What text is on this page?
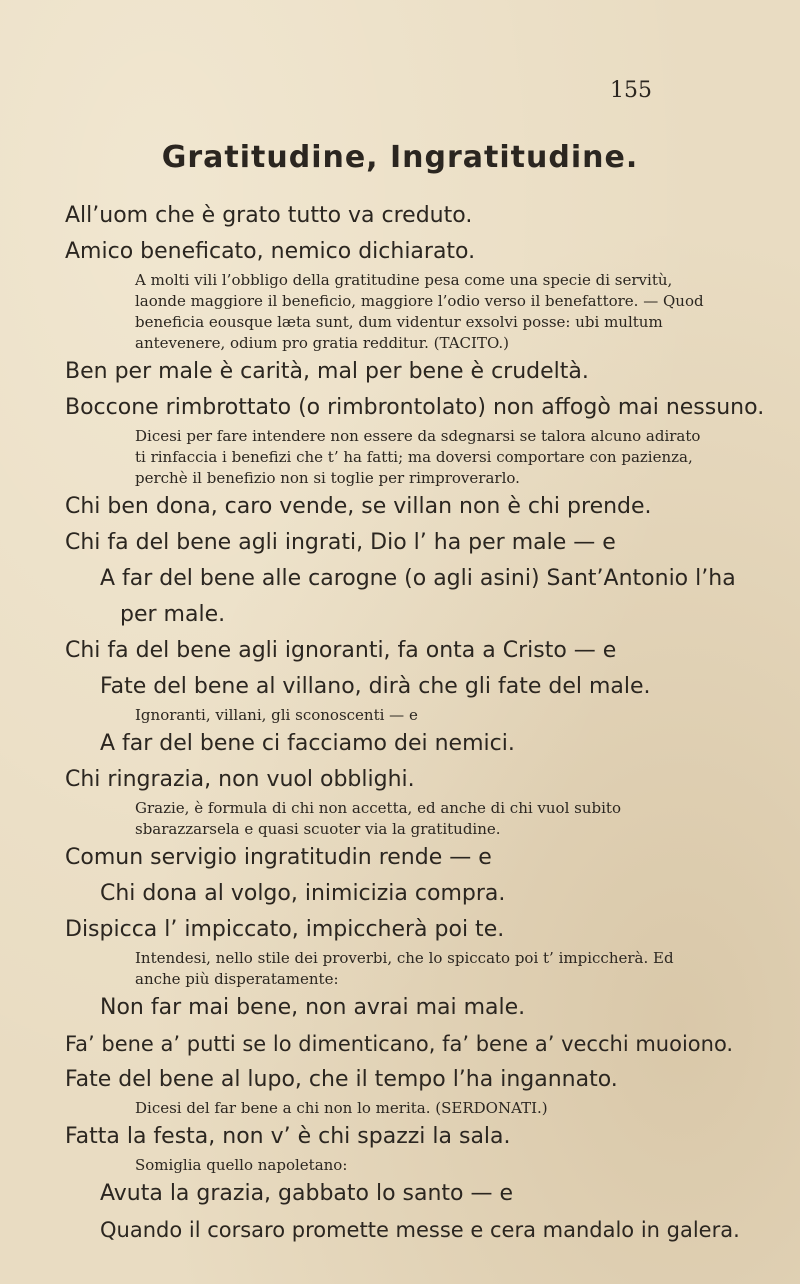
155
Gratitudine, Ingratitudine.

All’uom che è grato tutto va creduto.

Amico beneficato, nemico dichiarato.

A molti vili l’obbligo della gratitudine pesa come una specie di servitù, laonde maggiore il beneficio, maggiore l’odio verso il benefattore. — Quod beneficia eousque læta sunt, dum videntur exsolvi posse: ubi multum antevenere, odium pro gratia redditur. (TACITO.)

Ben per male è carità, mal per bene è crudeltà.

Boccone rimbrottato (o rimbrontolato) non affogò mai nessuno.

Dicesi per fare intendere non essere da sdegnarsi se talora alcuno adirato ti rinfaccia i benefizi che t’ ha fatti; ma doversi comportare con pazienza, perchè il benefizio non si toglie per rimproverarlo.

Chi ben dona, caro vende, se villan non è chi prende.

Chi fa del bene agli ingrati, Dio l’ ha per male — e

A far del bene alle carogne (o agli asini) Sant’Antonio l’ha

per male.

Chi fa del bene agli ignoranti, fa onta a Cristo — e

Fate del bene al villano, dirà che gli fate del male.

Ignoranti, villani, gli sconoscenti — e

A far del bene ci facciamo dei nemici.

Chi ringrazia, non vuol obblighi.

Grazie, è formula di chi non accetta, ed anche di chi vuol subito sbarazzarsela e quasi scuoter via la gratitudine.

Comun servigio ingratitudin rende — e

Chi dona al volgo, inimicizia compra.

Dispicca l’ impiccato, impiccherà poi te.

Intendesi, nello stile dei proverbi, che lo spiccato poi t’ impiccherà. Ed anche più disperatamente:

Non far mai bene, non avrai mai male.

Fa’ bene a’ putti se lo dimenticano, fa’ bene a’ vecchi muoiono.

Fate del bene al lupo, che il tempo l’ha ingannato.

Dicesi del far bene a chi non lo merita. (SERDONATI.)

Fatta la festa, non v’ è chi spazzi la sala.

Somiglia quello napoletano:

Avuta la grazia, gabbato lo santo — e

Quando il corsaro promette messe e cera mandalo in galera.
